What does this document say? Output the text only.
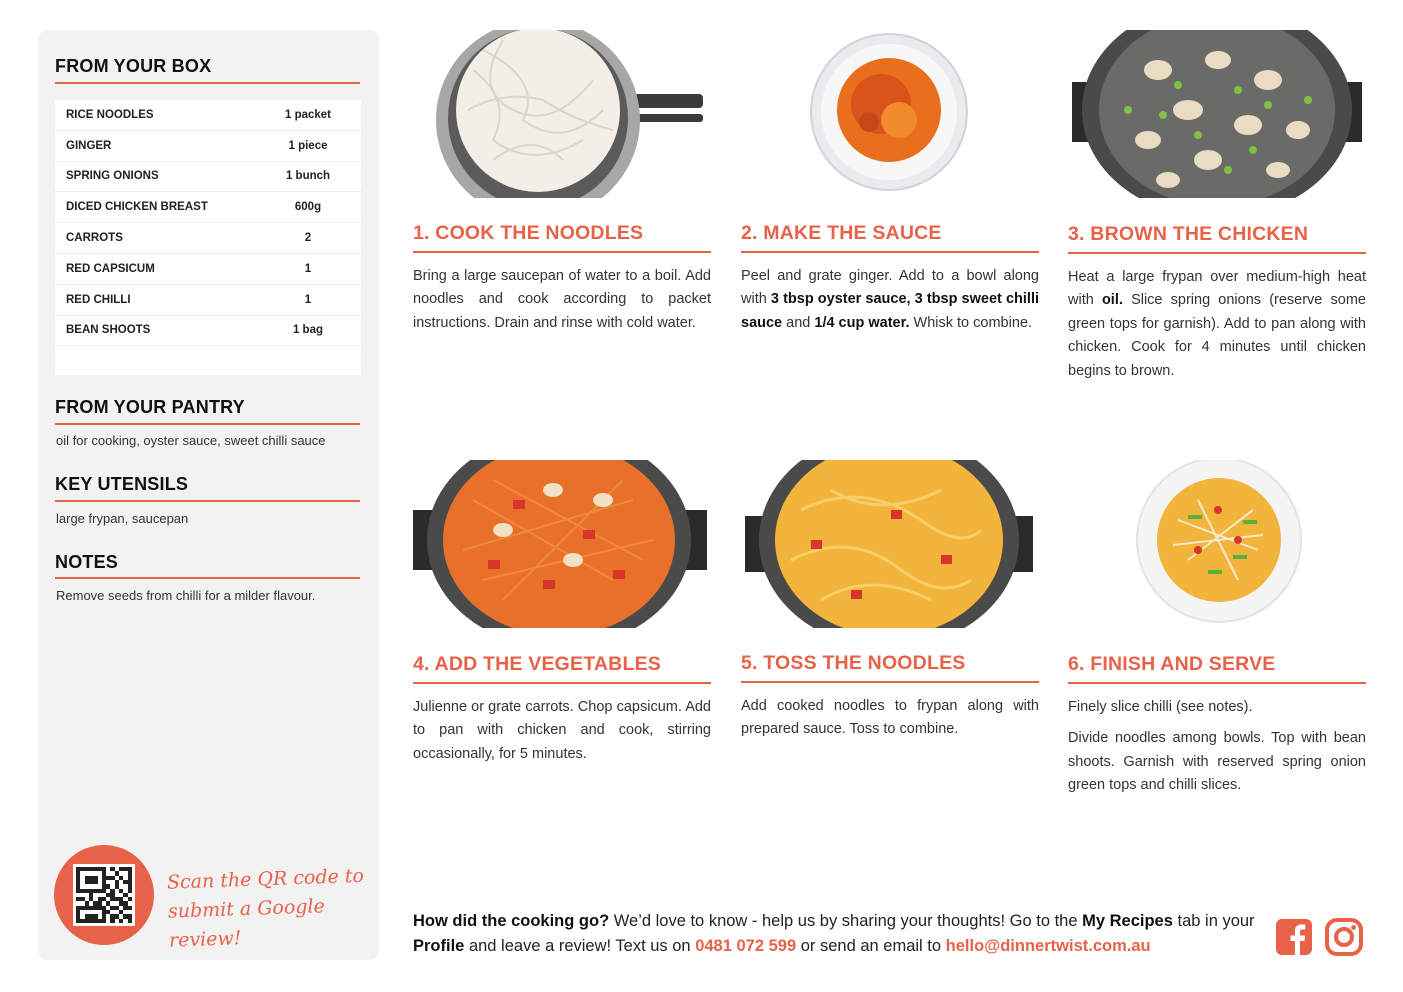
FROM YOUR BOX
RICE NOODLES	1 packet
GINGER	1 piece
SPRING ONIONS	1 bunch
DICED CHICKEN BREAST	600g
CARROTS	2
RED CAPSICUM	1
RED CHILLI	1
BEAN SHOOTS	1 bag
FROM YOUR PANTRY
oil for cooking, oyster sauce, sweet chilli sauce
KEY UTENSILS
large frypan, saucepan
NOTES
Remove seeds from chilli for a milder flavour.
Scan the QR code to
submit a Google review!
1. COOK THE NOODLES

Bring a large saucepan of water to a boil. Add noodles and cook according to packet instructions. Drain and rinse with cold water.

2. MAKE THE SAUCE

Peel and grate ginger. Add to a bowl along with 3 tbsp oyster sauce, 3 tbsp sweet chilli sauce and 1/4 cup water. Whisk to combine.

3. BROWN THE CHICKEN

Heat a large frypan over medium-high heat with oil. Slice spring onions (reserve some green tops for garnish). Add to pan along with chicken. Cook for 4 minutes until chicken begins to brown.

4. ADD THE VEGETABLES

Julienne or grate carrots. Chop capsicum. Add to pan with chicken and cook, stirring occasionally, for 5 minutes.

5. TOSS THE NOODLES

Add cooked noodles to frypan along with prepared sauce. Toss to combine.

6. FINISH AND SERVE

Finely slice chilli (see notes).

Divide noodles among bowls. Top with bean shoots. Garnish with reserved spring onion green tops and chilli slices.

How did the cooking go? We’d love to know - help us by sharing your thoughts! Go to the My Recipes tab in your Profile and leave a review! Text us on 0481 072 599 or send an email to hello@dinnertwist.com.au
